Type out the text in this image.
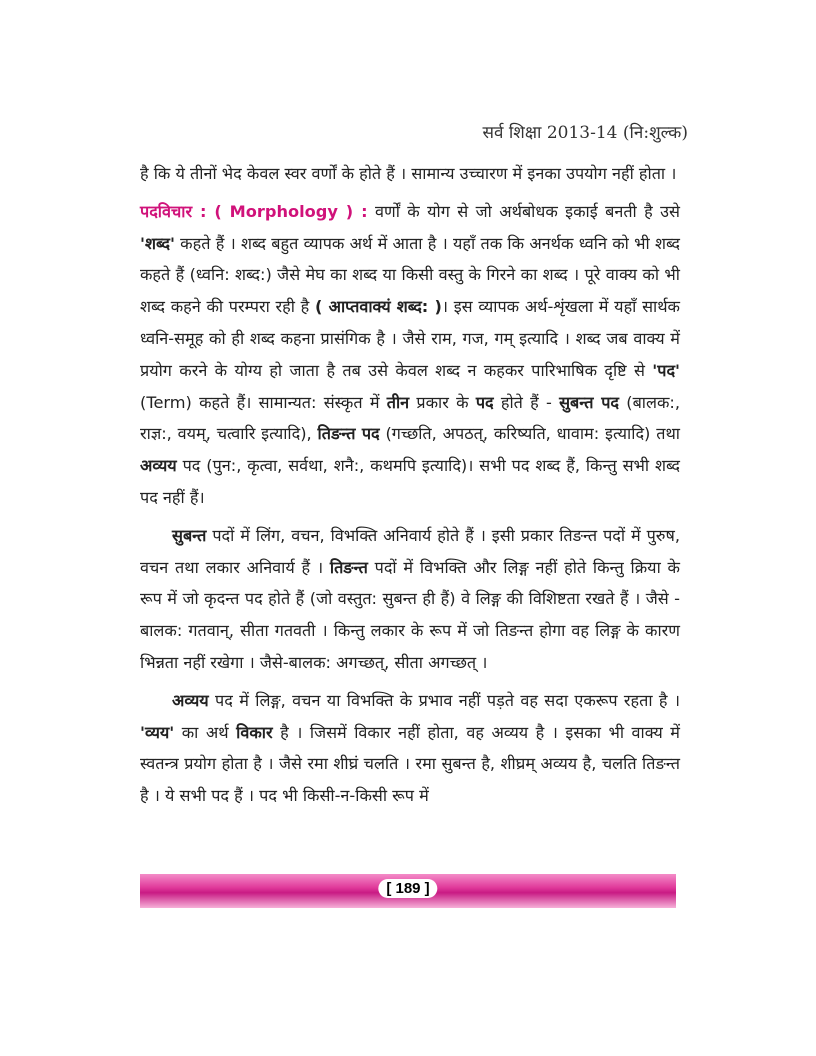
सर्व शिक्षा 2013-14 (नि:शुल्क)

है कि ये तीनों भेद केवल स्वर वर्णों के होते हैं । सामान्य उच्चारण में इनका उपयोग नहीं होता ।

पदविचार : ( Morphology ) : वर्णों के योग से जो अर्थबोधक इकाई बनती है उसे 'शब्द' कहते हैं । शब्द बहुत व्यापक अर्थ में आता है । यहाँ तक कि अनर्थक ध्वनि को भी शब्द कहते हैं (ध्वनि: शब्द:) जैसे मेघ का शब्द या किसी वस्तु के गिरने का शब्द । पूरे वाक्य को भी शब्द कहने की परम्परा रही है ( आप्तवाक्यं शब्द: )। इस व्यापक अर्थ-शृंखला में यहाँ सार्थक ध्वनि-समूह को ही शब्द कहना प्रासंगिक है । जैसे राम, गज, गम् इत्यादि । शब्द जब वाक्य में प्रयोग करने के योग्य हो जाता है तब उसे केवल शब्द न कहकर पारिभाषिक दृष्टि से 'पद' (Term) कहते हैं। सामान्यत: संस्कृत में तीन प्रकार के पद होते हैं - सुबन्त पद (बालक:, राज्ञ:, वयम्, चत्वारि इत्यादि), तिङन्त पद (गच्छति, अपठत्, करिष्यति, धावाम: इत्यादि) तथा अव्यय पद (पुन:, कृत्वा, सर्वथा, शनै:, कथमपि इत्यादि)। सभी पद शब्द हैं, किन्तु सभी शब्द पद नहीं हैं।

सुबन्त पदों में लिंग, वचन, विभक्ति अनिवार्य होते हैं । इसी प्रकार तिङन्त पदों में पुरुष, वचन तथा लकार अनिवार्य हैं । तिङन्त पदों में विभक्ति और लिङ्ग नहीं होते किन्तु क्रिया के रूप में जो कृदन्त पद होते हैं (जो वस्तुत: सुबन्त ही हैं) वे लिङ्ग की विशिष्टता रखते हैं । जैसे - बालक: गतवान्, सीता गतवती । किन्तु लकार के रूप में जो तिङन्त होगा वह लिङ्ग के कारण भिन्नता नहीं रखेगा । जैसे-बालक: अगच्छत्, सीता अगच्छत् ।

अव्यय पद में लिङ्ग, वचन या विभक्ति के प्रभाव नहीं पड़ते वह सदा एकरूप रहता है । 'व्यय' का अर्थ विकार है । जिसमें विकार नहीं होता, वह अव्यय है । इसका भी वाक्य में स्वतन्त्र प्रयोग होता है । जैसे रमा शीघ्रं चलति । रमा सुबन्त है, शीघ्रम् अव्यय है, चलति तिङन्त है । ये सभी पद हैं । पद भी किसी-न-किसी रूप में

[ 189 ]
